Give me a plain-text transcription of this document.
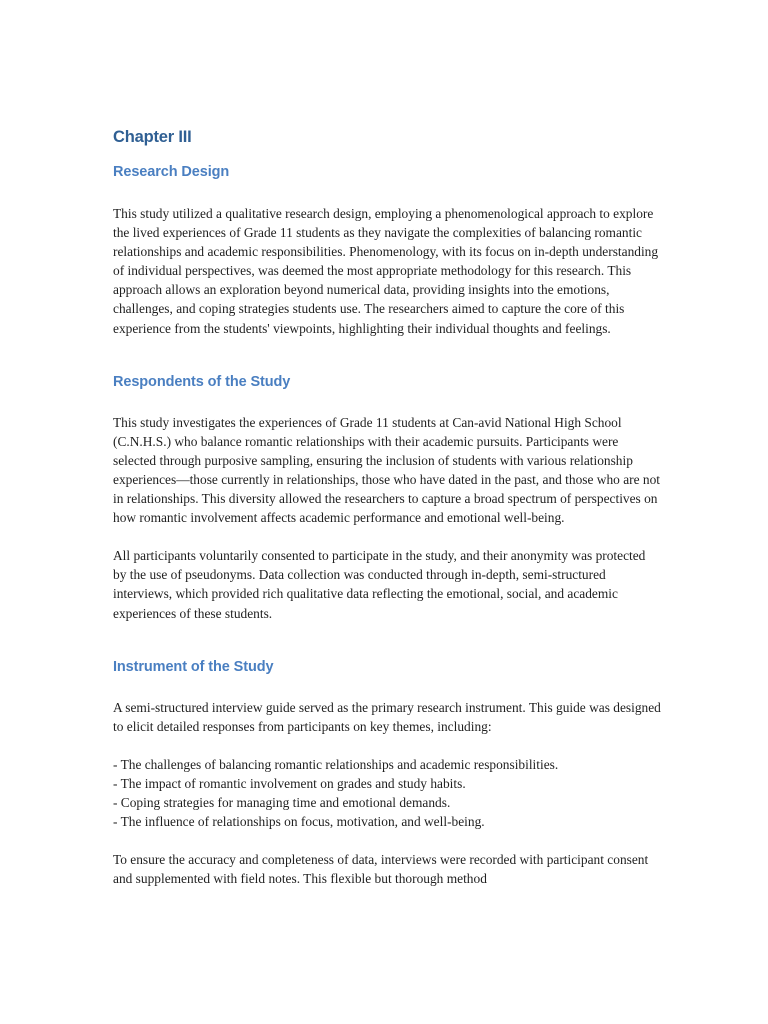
Chapter III
Research Design

This study utilized a qualitative research design, employing a phenomenological approach to explore the lived experiences of Grade 11 students as they navigate the complexities of balancing romantic relationships and academic responsibilities. Phenomenology, with its focus on in-depth understanding of individual perspectives, was deemed the most appropriate methodology for this research. This approach allows an exploration beyond numerical data, providing insights into the emotions, challenges, and coping strategies students use. The researchers aimed to capture the core of this experience from the students' viewpoints, highlighting their individual thoughts and feelings.

Respondents of the Study

This study investigates the experiences of Grade 11 students at Can-avid National High School (C.N.H.S.) who balance romantic relationships with their academic pursuits. Participants were selected through purposive sampling, ensuring the inclusion of students with various relationship experiences—those currently in relationships, those who have dated in the past, and those who are not in relationships. This diversity allowed the researchers to capture a broad spectrum of perspectives on how romantic involvement affects academic performance and emotional well-being.

All participants voluntarily consented to participate in the study, and their anonymity was protected by the use of pseudonyms. Data collection was conducted through in-depth, semi-structured interviews, which provided rich qualitative data reflecting the emotional, social, and academic experiences of these students.

Instrument of the Study

A semi-structured interview guide served as the primary research instrument. This guide was designed to elicit detailed responses from participants on key themes, including:

- The challenges of balancing romantic relationships and academic responsibilities.
- The impact of romantic involvement on grades and study habits.
- Coping strategies for managing time and emotional demands.
- The influence of relationships on focus, motivation, and well-being.

To ensure the accuracy and completeness of data, interviews were recorded with participant consent and supplemented with field notes. This flexible but thorough method
